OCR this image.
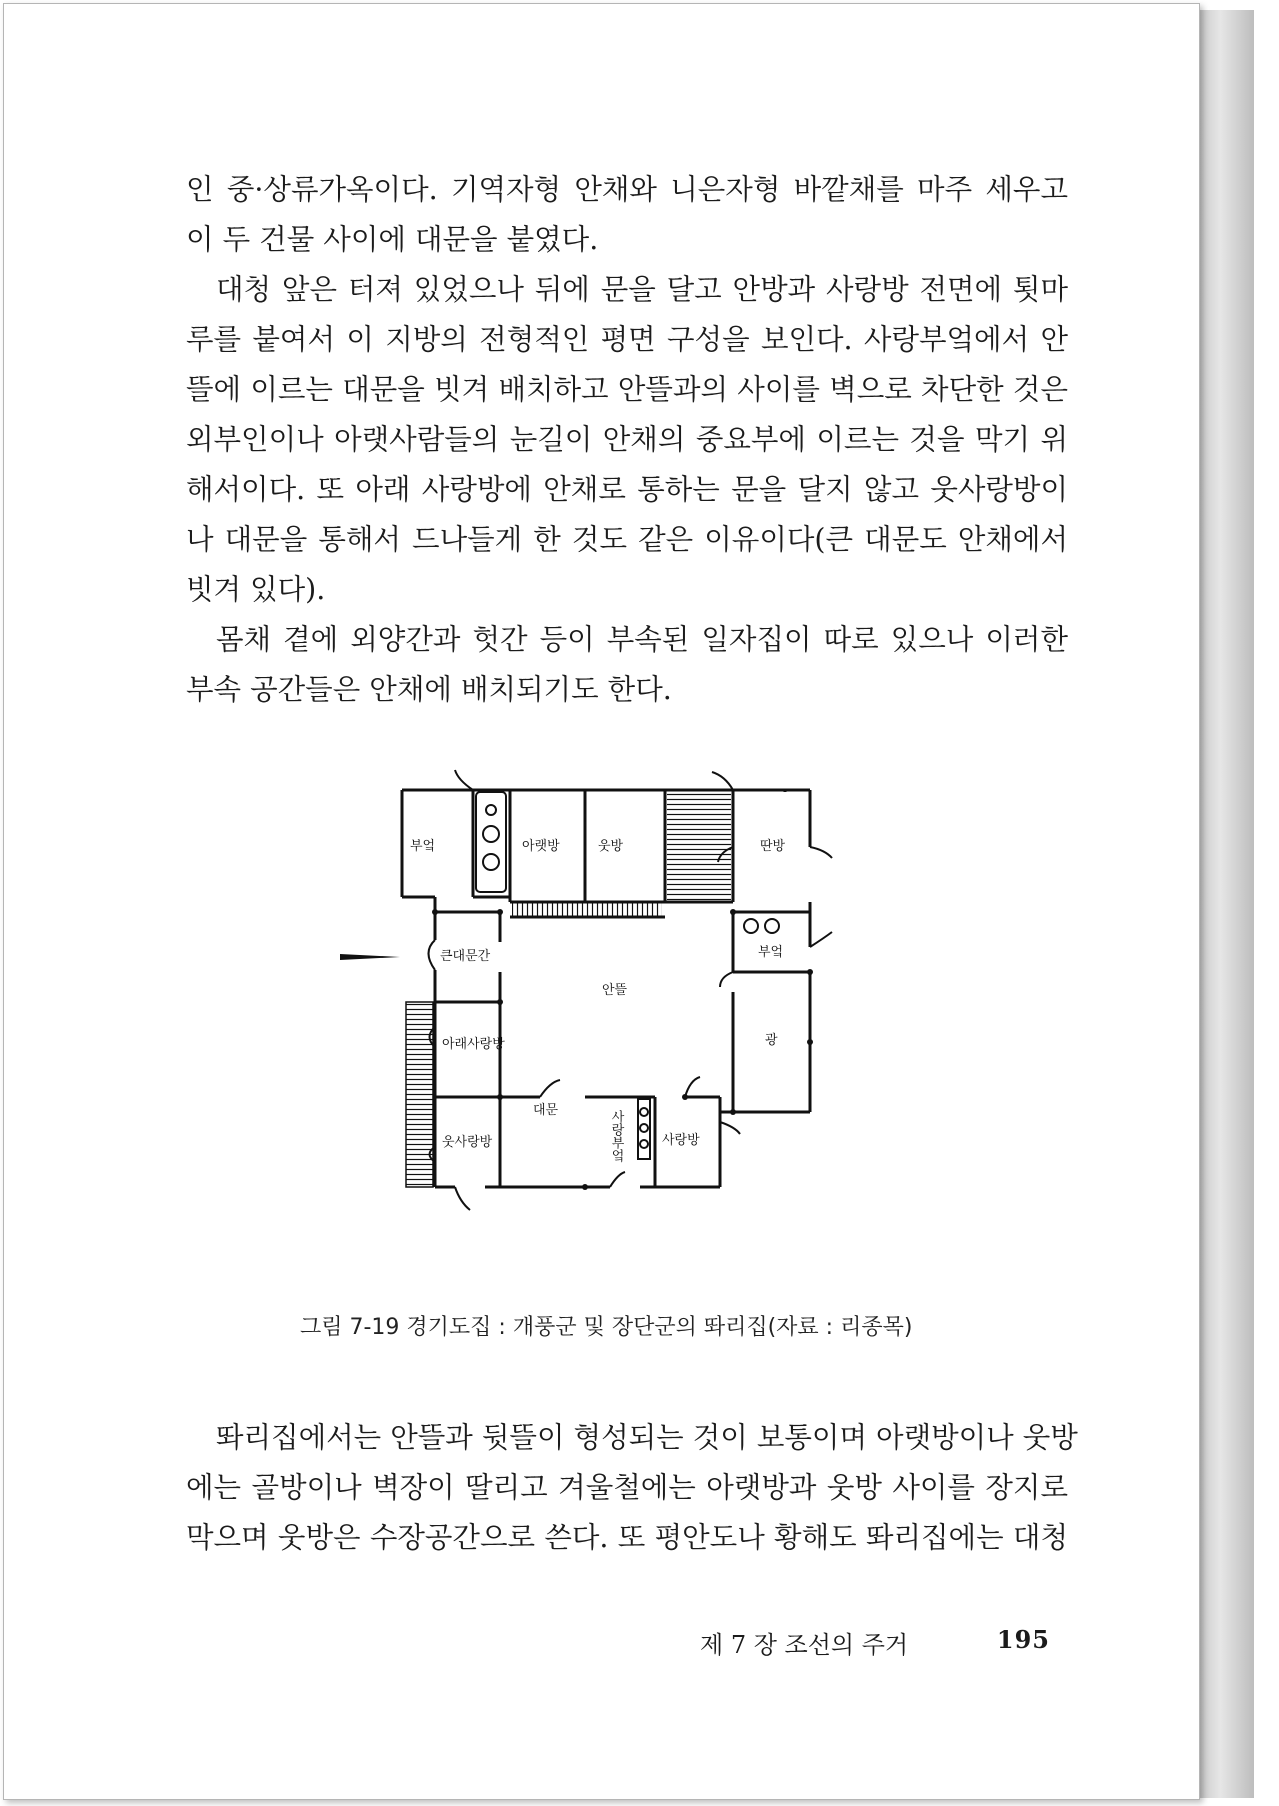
인 중·상류가옥이다. 기역자형 안채와 니은자형 바깥채를 마주 세우고
이 두 건물 사이에 대문을 붙였다.
대청 앞은 터져 있었으나 뒤에 문을 달고 안방과 사랑방 전면에 툇마
루를 붙여서 이 지방의 전형적인 평면 구성을 보인다. 사랑부엌에서 안
뜰에 이르는 대문을 빗겨 배치하고 안뜰과의 사이를 벽으로 차단한 것은
외부인이나 아랫사람들의 눈길이 안채의 중요부에 이르는 것을 막기 위
해서이다. 또 아래 사랑방에 안채로 통하는 문을 달지 않고 웃사랑방이
나 대문을 통해서 드나들게 한 것도 같은 이유이다(큰 대문도 안채에서
빗겨 있다).
몸채 곁에 외양간과 헛간 등이 부속된 일자집이 따로 있으나 이러한
부속 공간들은 안채에 배치되기도 한다.
부엌	아랫방	웃방	딴방
부엌
큰대문간
안뜰
광
아래사랑방
대문	사랑부엌
웃사랑방	사랑방
그림 7-19 경기도집 : 개풍군 및 장단군의 똬리집(자료 : 리종목)
똬리집에서는 안뜰과 뒷뜰이 형성되는 것이 보통이며 아랫방이나 웃방
에는 골방이나 벽장이 딸리고 겨울철에는 아랫방과 웃방 사이를 장지로
막으며 웃방은 수장공간으로 쓴다. 또 평안도나 황해도 똬리집에는 대청
제 7 장 조선의 주거	195
